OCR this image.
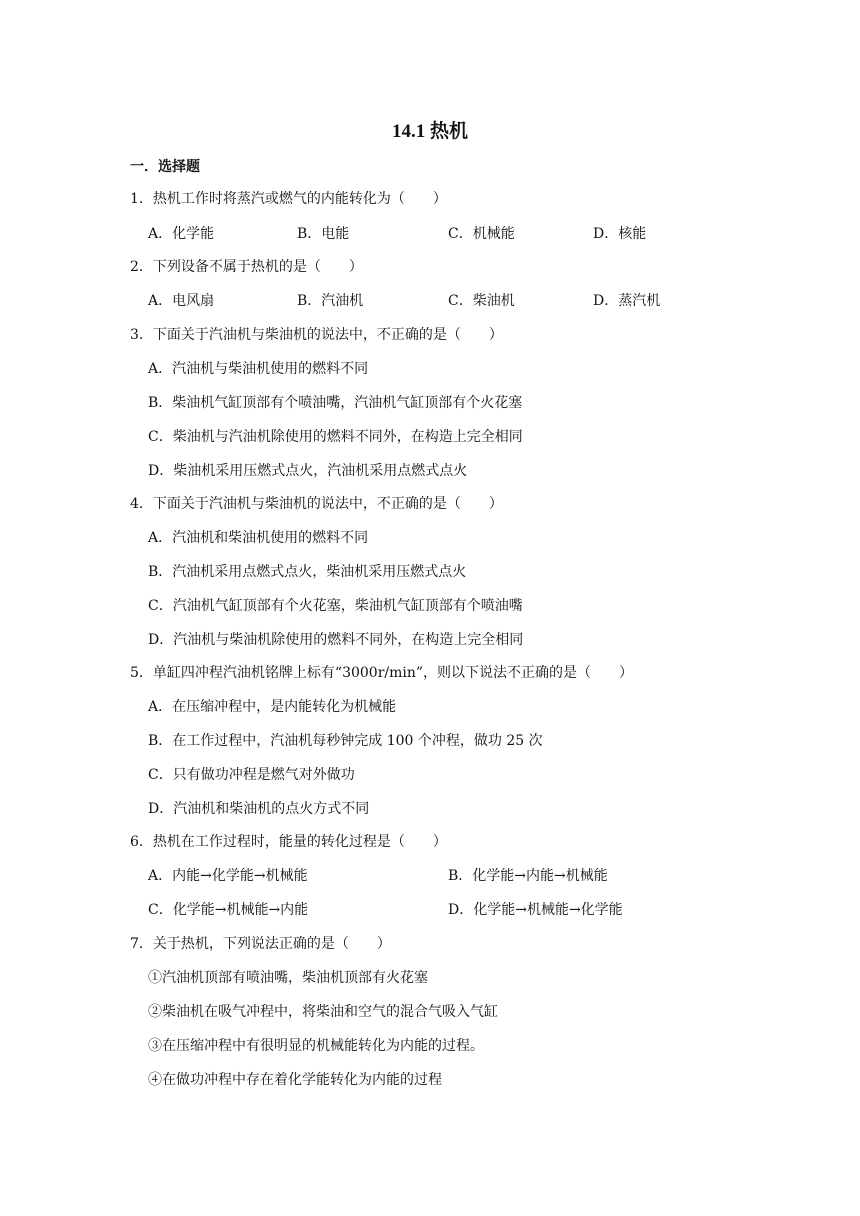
14.1 热机
一．选择题
1．热机工作时将蒸汽或燃气的内能转化为（　　）
A．化学能	B．电能	C．机械能	D．核能
2．下列设备不属于热机的是（　　）
A．电风扇	B．汽油机	C．柴油机	D．蒸汽机
3．下面关于汽油机与柴油机的说法中，不正确的是（　　）
A．汽油机与柴油机使用的燃料不同
B．柴油机气缸顶部有个喷油嘴，汽油机气缸顶部有个火花塞
C．柴油机与汽油机除使用的燃料不同外，在构造上完全相同
D．柴油机采用压燃式点火，汽油机采用点燃式点火
4．下面关于汽油机与柴油机的说法中，不正确的是（　　）
A．汽油机和柴油机使用的燃料不同
B．汽油机采用点燃式点火，柴油机采用压燃式点火
C．汽油机气缸顶部有个火花塞，柴油机气缸顶部有个喷油嘴
D．汽油机与柴油机除使用的燃料不同外，在构造上完全相同
5．单缸四冲程汽油机铭牌上标有“3000r/min”，则以下说法不正确的是（　　）
A．在压缩冲程中，是内能转化为机械能
B．在工作过程中，汽油机每秒钟完成 100 个冲程，做功 25 次
C．只有做功冲程是燃气对外做功
D．汽油机和柴油机的点火方式不同
6．热机在工作过程时，能量的转化过程是（　　）
A．内能→化学能→机械能	B．化学能→内能→机械能
C．化学能→机械能→内能	D．化学能→机械能→化学能
7．关于热机，下列说法正确的是（　　）
①汽油机顶部有喷油嘴，柴油机顶部有火花塞
②柴油机在吸气冲程中，将柴油和空气的混合气吸入气缸
③在压缩冲程中有很明显的机械能转化为内能的过程。
④在做功冲程中存在着化学能转化为内能的过程
